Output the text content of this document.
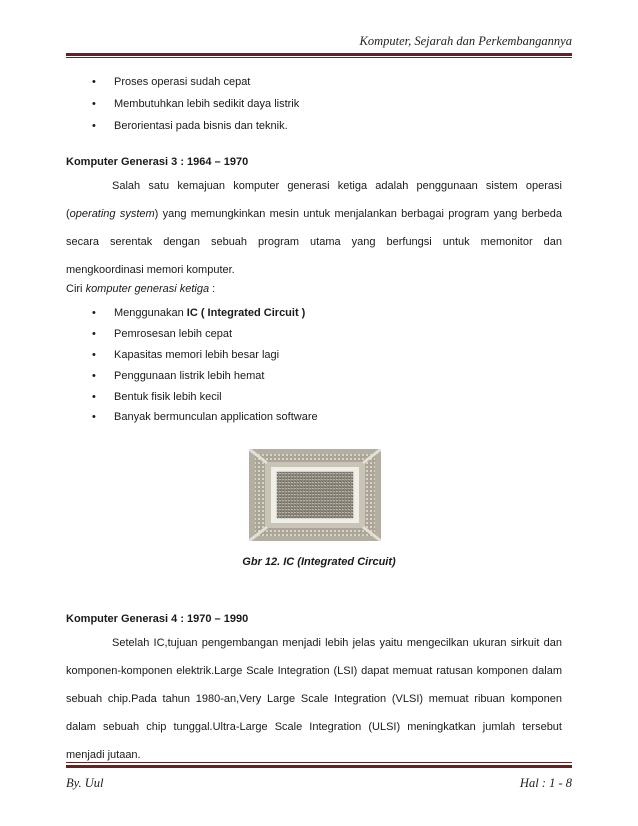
Komputer, Sejarah dan Perkembangannya
•	Proses operasi sudah cepat
•	Membutuhkan lebih sedikit daya listrik
•	Berorientasi pada bisnis dan teknik.
Komputer Generasi 3 : 1964 – 1970
Salah satu kemajuan komputer generasi ketiga adalah penggunaan sistem operasi (operating system) yang memungkinkan mesin untuk menjalankan berbagai program yang berbeda secara serentak dengan sebuah program utama yang berfungsi untuk memonitor dan mengkoordinasi memori komputer.
Ciri komputer generasi ketiga :
•	Menggunakan IC ( Integrated Circuit )
•	Pemrosesan lebih cepat
•	Kapasitas memori lebih besar lagi
•	Penggunaan listrik lebih hemat
•	Bentuk fisik lebih kecil
•	Banyak bermunculan application software
Gbr 12. IC (Integrated Circuit)
Komputer Generasi 4 : 1970 – 1990
Setelah IC,tujuan pengembangan menjadi lebih jelas yaitu mengecilkan ukuran sirkuit dan komponen-komponen elektrik.Large Scale Integration (LSI) dapat memuat ratusan komponen dalam sebuah chip.Pada tahun 1980-an,Very Large Scale Integration (VLSI) memuat ribuan komponen dalam sebuah chip tunggal.Ultra-Large Scale Integration (ULSI) meningkatkan jumlah tersebut menjadi jutaan.
By. Uul	Hal : 1 - 8
